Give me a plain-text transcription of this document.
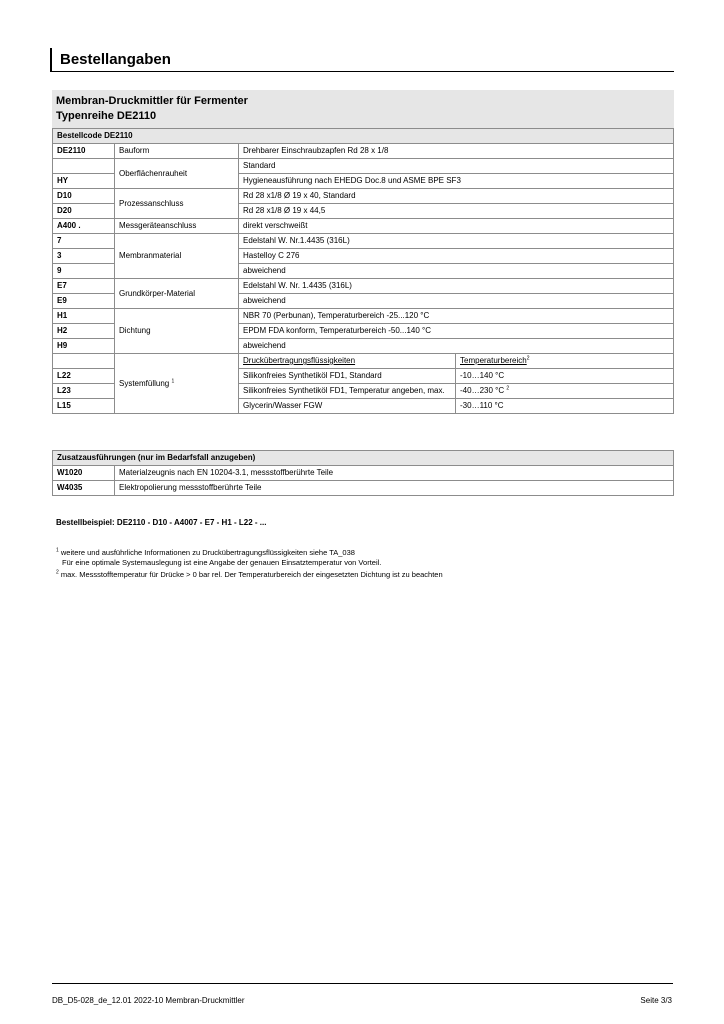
Bestellangaben
Membran-Druckmittler für Fermenter
Typenreihe DE2110
Bestellcode DE2110			
DE2110	Bauform	Drehbarer Einschraubzapfen Rd 28 x 1/8	
	Oberflächenrauheit	Standard	
HY		Hygieneausführung nach EHEDG Doc.8 und ASME BPE SF3	
D10	Prozessanschluss	Rd 28 x1/8 Ø 19 x 40, Standard	
D20		Rd 28 x1/8 Ø 19 x 44,5	
A400 .	Messgeräteanschluss	direkt verschweißt	
7	Membranmaterial	Edelstahl W. Nr.1.4435 (316L)	
3		Hastelloy C 276	
9		abweichend	
E7	Grundkörper-Material	Edelstahl W. Nr. 1.4435 (316L)	
E9		abweichend	
H1	Dichtung	NBR 70 (Perbunan), Temperaturbereich -25...120 °C	
H2		EPDM FDA konform, Temperaturbereich -50...140 °C	
H9		abweichend	
	Systemfüllung $^1$	Druckübertragungsflüssigkeiten	Temperaturbereich$^2$
L22		Silikonfreies Synthetiköl FD1, Standard	-10…140 °C
L23		Silikonfreies Synthetiköl FD1, Temperatur angeben, max.	-40…230 °C $^2$
L15		Glycerin/Wasser FGW	-30…110 °C
Zusatzausführungen (nur im Bedarfsfall anzugeben)	
W1020	Materialzeugnis nach EN 10204-3.1, messstoffberührte Teile
W4035	Elektropolierung messstoffberührte Teile
Bestellbeispiel: DE2110 - D10 - A4007 - E7 - H1 - L22 - ...
$^1$ weitere und ausführliche Informationen zu Druckübertragungsflüssigkeiten siehe TA_038
Für eine optimale Systemauslegung ist eine Angabe der genauen Einsatztemperatur von Vorteil.
$^2$ max. Messstofftemperatur für Drücke > 0 bar rel. Der Temperaturbereich der eingesetzten Dichtung ist zu beachten
DB_D5-028_de_12.01 2022-10 Membran-Druckmittler	Seite 3/3
